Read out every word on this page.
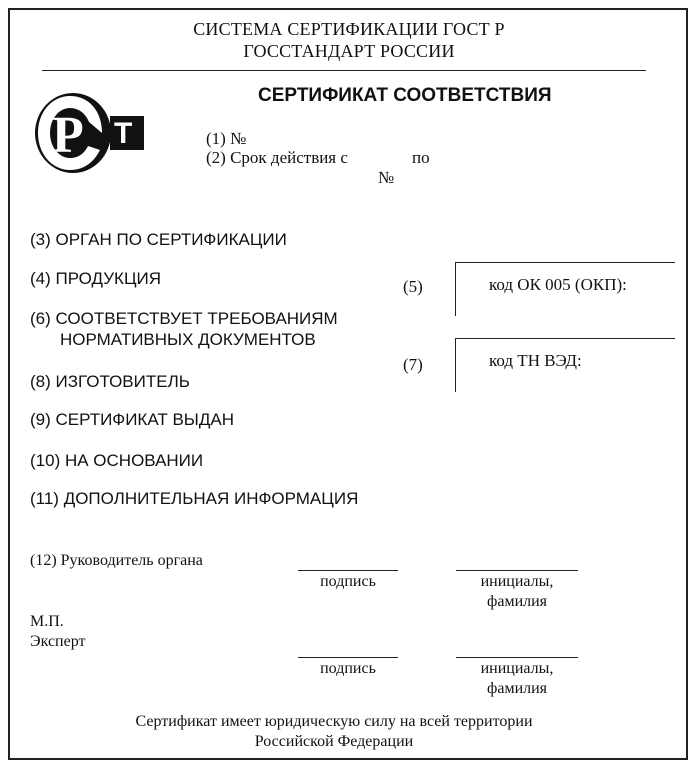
СИСТЕМА СЕРТИФИКАЦИИ ГОСТ Р
ГОССТАНДАРТ РОССИИ
Р Т
СЕРТИФИКАТ СООТВЕТСТВИЯ
(1) №
(2) Срок действия с	по
№
(3) ОРГАН ПО СЕРТИФИКАЦИИ
(4) ПРОДУКЦИЯ
(6) СООТВЕТСТВУЕТ ТРЕБОВАНИЯМ
НОРМАТИВНЫХ ДОКУМЕНТОВ
(8) ИЗГОТОВИТЕЛЬ
(9) СЕРТИФИКАТ ВЫДАН
(10) НА ОСНОВАНИИ
(11) ДОПОЛНИТЕЛЬНАЯ ИНФОРМАЦИЯ
(5)	код ОК 005 (ОКП):
(7)	код ТН ВЭД:
(12) Руководитель органа
подпись	инициалы,
фамилия
М.П.
Эксперт
подпись	инициалы,
фамилия
Сертификат имеет юридическую силу на всей территории
Российской Федерации
